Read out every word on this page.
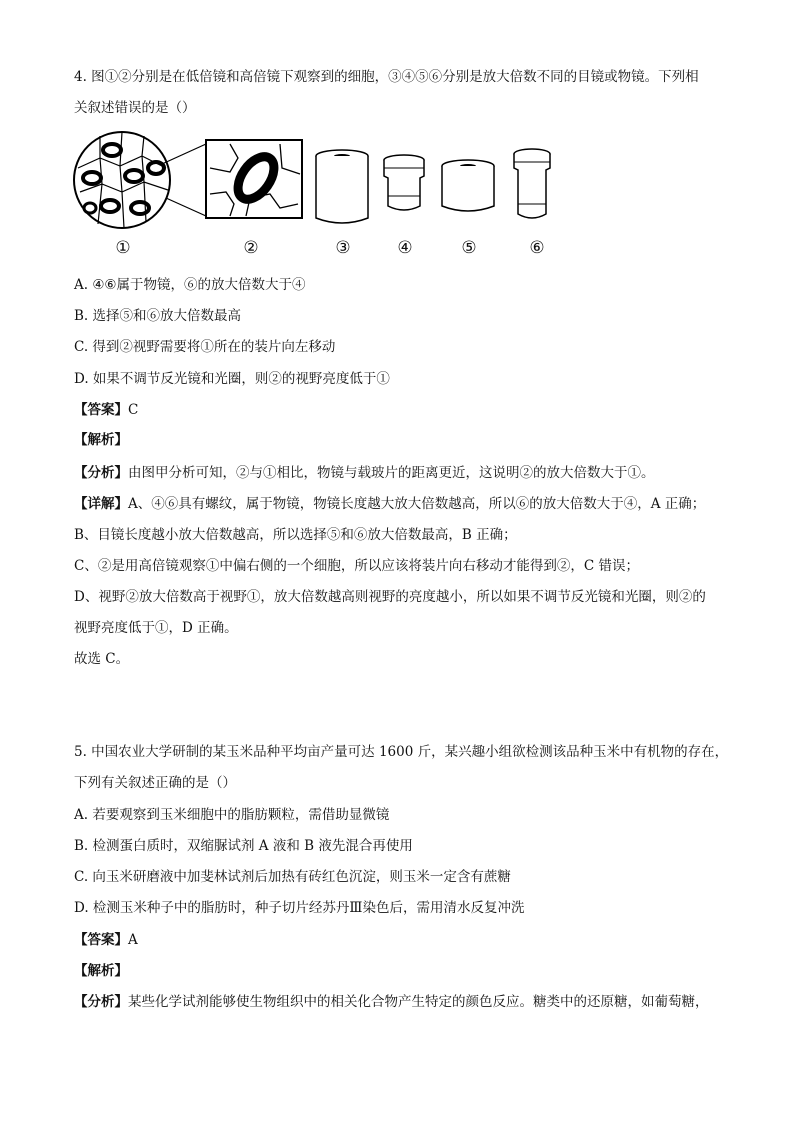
4. 图①②分别是在低倍镜和高倍镜下观察到的细胞，③④⑤⑥分别是放大倍数不同的目镜或物镜。下列相
关叙述错误的是（）
①	②	③	④	⑤	⑥
A. ④⑥属于物镜，⑥的放大倍数大于④
B. 选择⑤和⑥放大倍数最高
C. 得到②视野需要将①所在的装片向左移动
D. 如果不调节反光镜和光圈，则②的视野亮度低于①
【答案】C
【解析】
【分析】由图甲分析可知，②与①相比，物镜与载玻片的距离更近，这说明②的放大倍数大于①。
【详解】A、④⑥具有螺纹，属于物镜，物镜长度越大放大倍数越高，所以⑥的放大倍数大于④，A 正确；
B、目镜长度越小放大倍数越高，所以选择⑤和⑥放大倍数最高，B 正确；
C、②是用高倍镜观察①中偏右侧的一个细胞，所以应该将装片向右移动才能得到②，C 错误；
D、视野②放大倍数高于视野①，放大倍数越高则视野的亮度越小，所以如果不调节反光镜和光圈，则②的
视野亮度低于①，D 正确。
故选 C。
5. 中国农业大学研制的某玉米品种平均亩产量可达 1600 斤，某兴趣小组欲检测该品种玉米中有机物的存在，
下列有关叙述正确的是（）
A. 若要观察到玉米细胞中的脂肪颗粒，需借助显微镜
B. 检测蛋白质时，双缩脲试剂 A 液和 B 液先混合再使用
C. 向玉米研磨液中加斐林试剂后加热有砖红色沉淀，则玉米一定含有蔗糖
D. 检测玉米种子中的脂肪时，种子切片经苏丹Ⅲ染色后，需用清水反复冲洗
【答案】A
【解析】
【分析】某些化学试剂能够使生物组织中的相关化合物产生特定的颜色反应。糖类中的还原糖，如葡萄糖，
